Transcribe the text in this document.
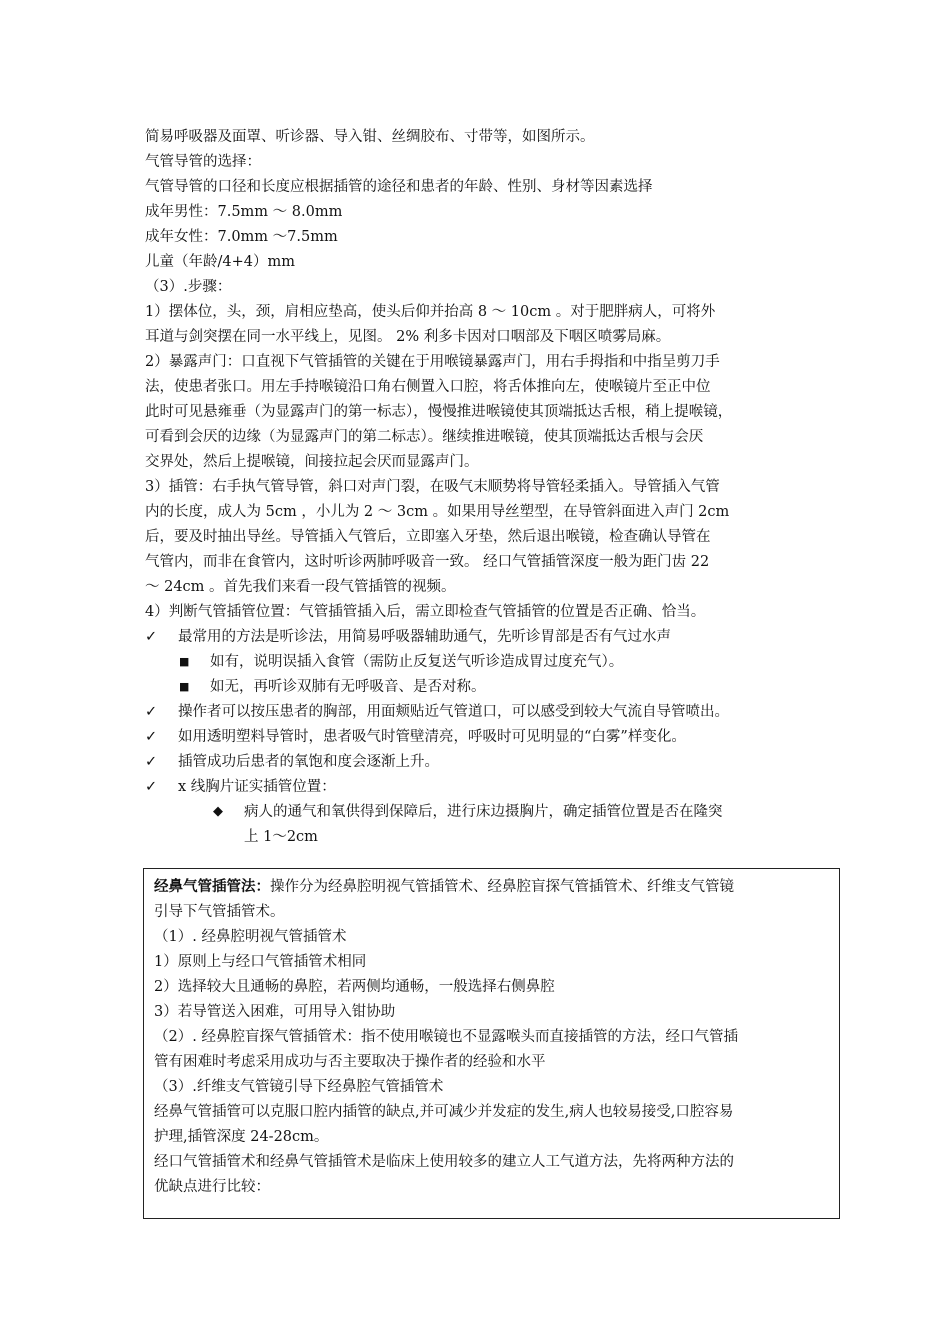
简易呼吸器及面罩、听诊器、导入钳、丝绸胶布、寸带等，如图所示。
气管导管的选择：
气管导管的口径和长度应根据插管的途径和患者的年龄、性别、身材等因素选择
成年男性：7.5mm ～ 8.0mm
成年女性：7.0mm ～7.5mm
儿童（年龄/4+4）mm
（3）.步骤：
1）摆体位，头，颈，肩相应垫高，使头后仰并抬高 8 ～ 10cm 。对于肥胖病人，可将外
耳道与剑突摆在同一水平线上，见图。 2% 利多卡因对口咽部及下咽区喷雾局麻。
2）暴露声门：口直视下气管插管的关键在于用喉镜暴露声门，用右手拇指和中指呈剪刀手
法，使患者张口。用左手持喉镜沿口角右侧置入口腔，将舌体推向左，使喉镜片至正中位
此时可见悬雍垂（为显露声门的第一标志），慢慢推进喉镜使其顶端抵达舌根，稍上提喉镜，
可看到会厌的边缘（为显露声门的第二标志）。继续推进喉镜，使其顶端抵达舌根与会厌
交界处，然后上提喉镜，间接拉起会厌而显露声门。
3）插管：右手执气管导管，斜口对声门裂，在吸气末顺势将导管轻柔插入。导管插入气管
内的长度，成人为 5cm ，小儿为 2 ～ 3cm 。如果用导丝塑型，在导管斜面进入声门 2cm
后，要及时抽出导丝。导管插入气管后，立即塞入牙垫，然后退出喉镜，检查确认导管在
气管内，而非在食管内，这时听诊两肺呼吸音一致。 经口气管插管深度一般为距门齿 22
～ 24cm 。首先我们来看一段气管插管的视频。
4）判断气管插管位置：气管插管插入后，需立即检查气管插管的位置是否正确、恰当。
✓ 最常用的方法是听诊法，用简易呼吸器辅助通气，先听诊胃部是否有气过水声
■ 如有，说明误插入食管（需防止反复送气听诊造成胃过度充气）。
■ 如无，再听诊双肺有无呼吸音、是否对称。
✓ 操作者可以按压患者的胸部，用面颊贴近气管道口，可以感受到较大气流自导管喷出。
✓ 如用透明塑料导管时，患者吸气时管壁清亮，呼吸时可见明显的“白雾”样变化。
✓ 插管成功后患者的氧饱和度会逐渐上升。
✓ x 线胸片证实插管位置：
◆ 病人的通气和氧供得到保障后，进行床边摄胸片，确定插管位置是否在隆突
上 1～2cm
经鼻气管插管法：操作分为经鼻腔明视气管插管术、经鼻腔盲探气管插管术、纤维支气管镜
引导下气管插管术。
（1）. 经鼻腔明视气管插管术
1）原则上与经口气管插管术相同
2）选择较大且通畅的鼻腔，若两侧均通畅，一般选择右侧鼻腔
3）若导管送入困难，可用导入钳协助
（2）. 经鼻腔盲探气管插管术：指不使用喉镜也不显露喉头而直接插管的方法，经口气管插
管有困难时考虑采用成功与否主要取决于操作者的经验和水平
（3）.纤维支气管镜引导下经鼻腔气管插管术
经鼻气管插管可以克服口腔内插管的缺点,并可减少并发症的发生,病人也较易接受,口腔容易
护理,插管深度 24-28cm。
经口气管插管术和经鼻气管插管术是临床上使用较多的建立人工气道方法，先将两种方法的
优缺点进行比较：
